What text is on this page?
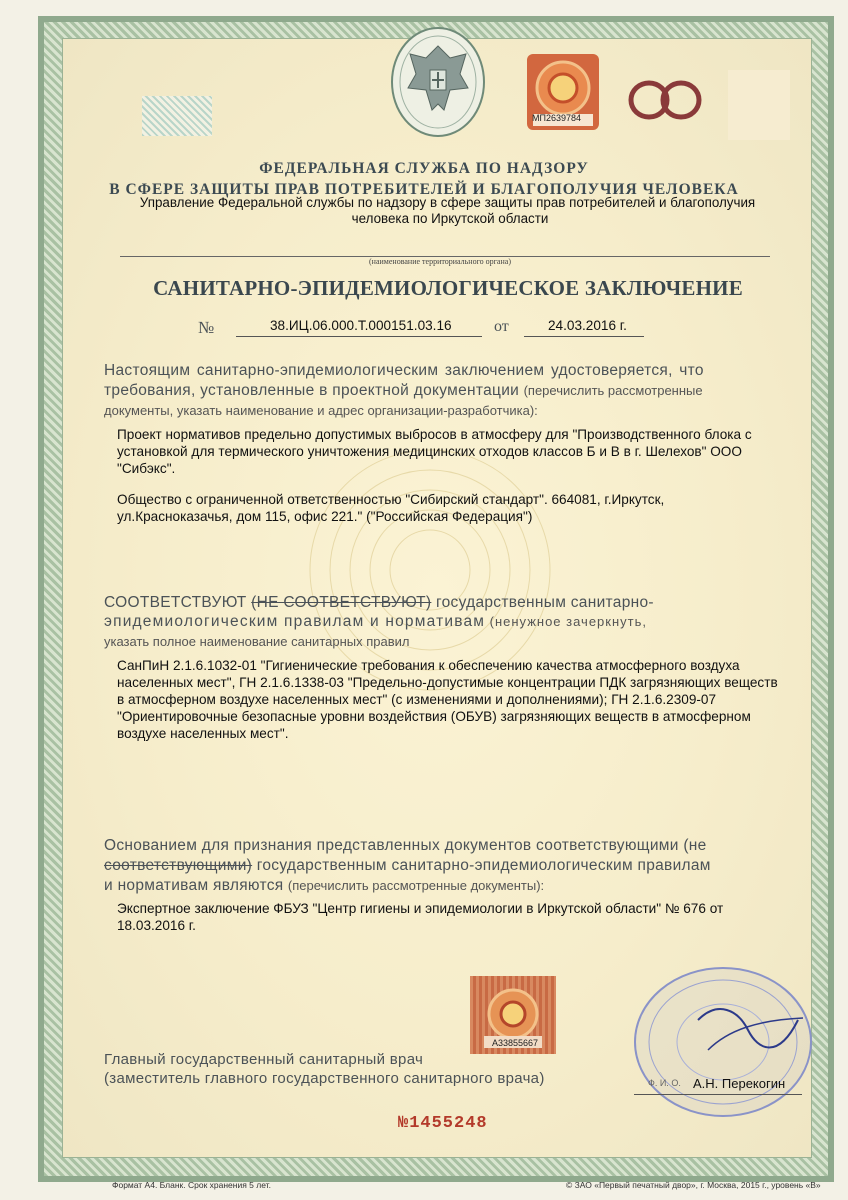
МП2639784
ФЕДЕРАЛЬНАЯ СЛУЖБА ПО НАДЗОРУ
В СФЕРЕ ЗАЩИТЫ ПРАВ ПОТРЕБИТЕЛЕЙ И БЛАГОПОЛУЧИЯ ЧЕЛОВЕКА
Управление Федеральной службы по надзору в сфере защиты прав потребителей и благополучия
человека по Иркутской области
(наименование территориального органа)
САНИТАРНО-ЭПИДЕМИОЛОГИЧЕСКОЕ ЗАКЛЮЧЕНИЕ
№	38.ИЦ.06.000.Т.000151.03.16	от	24.03.2016 г.
Настоящим санитарно-эпидемиологическим заключением удостоверяется, что
требования, установленные в проектной документации (перечислить рассмотренные
документы, указать наименование и адрес организации-разработчика):
Проект нормативов предельно допустимых выбросов в атмосферу для "Производственного блока с
установкой для термического уничтожения медицинских отходов классов Б и В в г. Шелехов" ООО
"Сибэкс".
Общество с ограниченной ответственностью "Сибирский стандарт". 664081, г.Иркутск,
ул.Красноказачья, дом 115, офис 221." ("Российская Федерация")
СООТВЕТСТВУЮТ (НЕ СООТВЕТСТВУЮТ) государственным санитарно-
эпидемиологическим правилам и нормативам (ненужное зачеркнуть,
указать полное наименование санитарных правил
СанПиН 2.1.6.1032-01 "Гигиенические требования к обеспечению качества атмосферного воздуха
населенных мест", ГН 2.1.6.1338-03 "Предельно-допустимые концентрации ПДК загрязняющих веществ
в атмосферном воздухе населенных мест" (с изменениями и дополнениями); ГН 2.1.6.2309-07
"Ориентировочные безопасные уровни воздействия (ОБУВ) загрязняющих веществ в атмосферном
воздухе населенных мест".
Основанием для признания представленных документов соответствующими (не
соответствующими) государственным санитарно-эпидемиологическим правилам
и нормативам являются (перечислить рассмотренные документы):
Экспертное заключение ФБУЗ "Центр гигиены и эпидемиологии в Иркутской области" № 676 от
18.03.2016 г.
А33855667
Главный государственный санитарный врач
(заместитель главного государственного санитарного врача)	Ф. И. О. А.Н. Перекогин
№1455248
Формат А4. Бланк. Срок хранения 5 лет.	© ЗАО «Первый печатный двор», г. Москва, 2015 г., уровень «В»
